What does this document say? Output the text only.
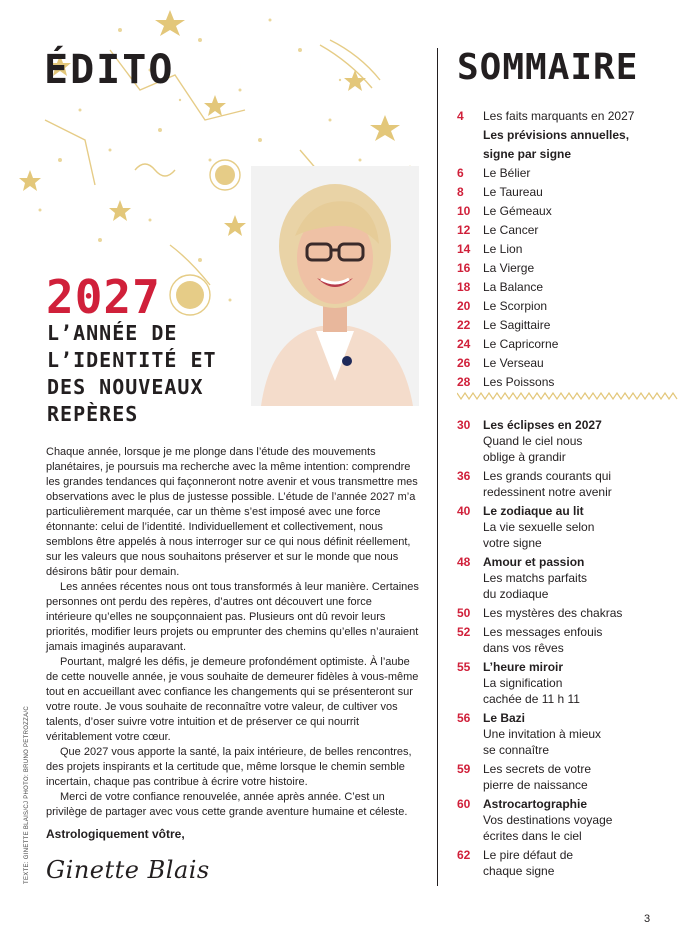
ÉDITO	SOMMAIRE
2027
L’ANNÉE DE
L’IDENTITÉ ET
DES NOUVEAUX
REPÈRES

Chaque année, lorsque je me plonge dans l’étude des mouvements planétaires, je poursuis ma recherche avec la même intention: comprendre les grandes tendances qui façonneront notre avenir et vous transmettre mes observations avec le plus de justesse possible. L’étude de l’année 2027 m’a particulièrement marquée, car un thème s’est imposé avec une force étonnante: celui de l’identité. Individuellement et collectivement, nous semblons être appelés à nous interroger sur ce qui nous définit réellement, sur les valeurs que nous souhaitons préserver et sur le monde que nous désirons bâtir pour demain.

Les années récentes nous ont tous transformés à leur manière. Certaines personnes ont perdu des repères, d’autres ont découvert une force intérieure qu’elles ne soupçonnaient pas. Plusieurs ont dû revoir leurs priorités, modifier leurs projets ou emprunter des chemins qu’elles n’auraient jamais imaginés auparavant.

Pourtant, malgré les défis, je demeure profondément optimiste. À l’aube de cette nouvelle année, je vous souhaite de demeurer fidèles à vous-même tout en accueillant avec confiance les changements qui se présenteront sur votre route. Je vous souhaite de reconnaître votre valeur, de cultiver vos talents, d’oser suivre votre intuition et de préserver ce qui nourrit véritablement votre cœur.

Que 2027 vous apporte la santé, la paix intérieure, de belles rencontres, des projets inspirants et la certitude que, même lorsque le chemin semble incertain, chaque pas contribue à écrire votre histoire.

Merci de votre confiance renouvelée, année après année. C’est un privilège de partager avec vous cette grande aventure humaine et céleste.

Astrologiquement vôtre,

Ginette Blais
TEXTE: GINETTE BLAIS/CJ PHOTO: BRUNO PETROZZA/C
4	Les faits marquants en 2027
Les prévisions annuelles,
signe par signe
6	Le Bélier
8	Le Taureau
10	Le Gémeaux
12	Le Cancer
14	Le Lion
16	La Vierge
18	La Balance
20	Le Scorpion
22	Le Sagittaire
24	Le Capricorne
26	Le Verseau
28	Les Poissons
30	Les éclipses en 2027
Quand le ciel nous
oblige à grandir
36	Les grands courants qui
redessinent notre avenir
40	Le zodiaque au lit
La vie sexuelle selon
votre signe
48	Amour et passion
Les matchs parfaits
du zodiaque
50	Les mystères des chakras
52	Les messages enfouis
dans vos rêves
55	L’heure miroir
La signification
cachée de 11 h 11
56	Le Bazi
Une invitation à mieux
se connaître
59	Les secrets de votre
pierre de naissance
60	Astrocartographie
Vos destinations voyage
écrites dans le ciel
62	Le pire défaut de
chaque signe
3
